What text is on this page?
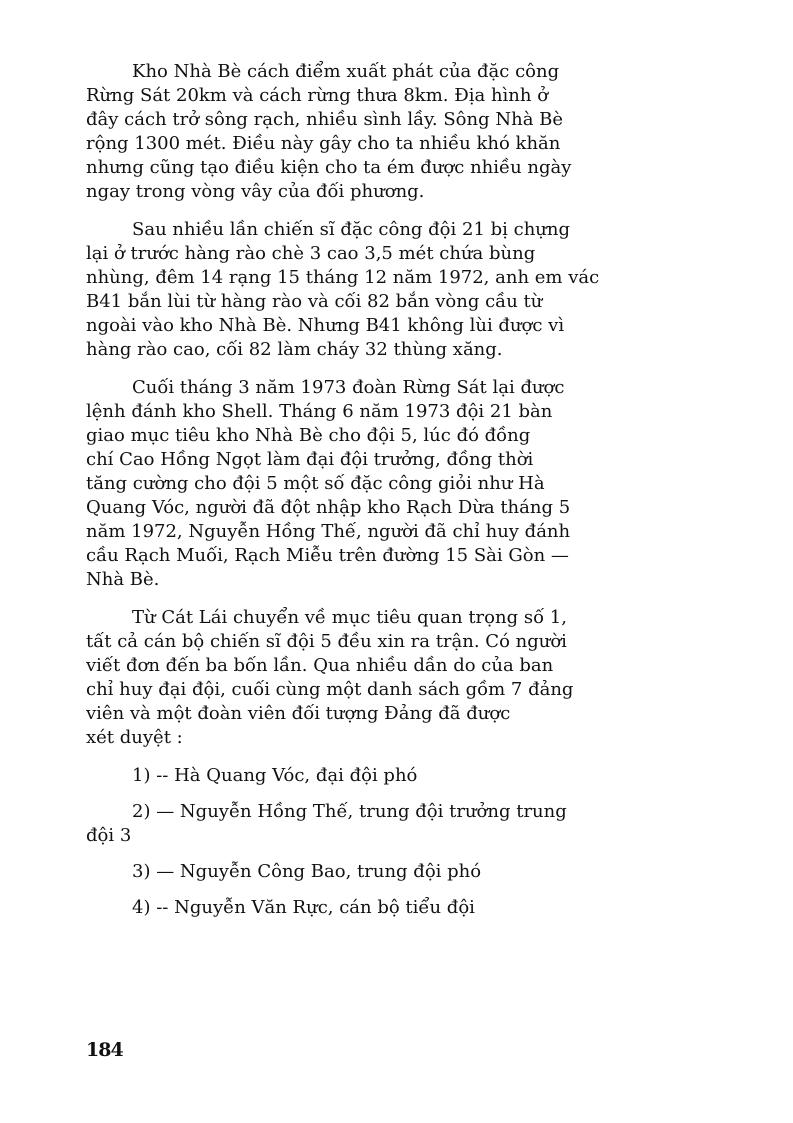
Kho Nhà Bè cách điểm xuất phát của đặc công
Rừng Sát 20km và cách rừng thưa 8km. Địa hình ở
đây cách trở sông rạch, nhiều sình lầy. Sông Nhà Bè
rộng 1300 mét. Điều này gây cho ta nhiều khó khăn
nhưng cũng tạo điều kiện cho ta ém được nhiều ngày
ngay trong vòng vây của đối phương.
Sau nhiều lần chiến sĩ đặc công đội 21 bị chựng
lại ở trước hàng rào chè 3 cao 3,5 mét chứa bùng
nhùng, đêm 14 rạng 15 tháng 12 năm 1972, anh em vác
B41 bắn lùi từ hàng rào và cối 82 bắn vòng cầu từ
ngoài vào kho Nhà Bè. Nhưng B41 không lùi được vì
hàng rào cao, cối 82 làm cháy 32 thùng xăng.
Cuối tháng 3 năm 1973 đoàn Rừng Sát lại được
lệnh đánh kho Shell. Tháng 6 năm 1973 đội 21 bàn
giao mục tiêu kho Nhà Bè cho đội 5, lúc đó đồng
chí Cao Hồng Ngọt làm đại đội trưởng, đồng thời
tăng cường cho đội 5 một số đặc công giỏi như Hà
Quang Vóc, người đã đột nhập kho Rạch Dừa tháng 5
năm 1972, Nguyễn Hồng Thế, người đã chỉ huy đánh
cầu Rạch Muối, Rạch Miễu trên đường 15 Sài Gòn —
Nhà Bè.
Từ Cát Lái chuyển về mục tiêu quan trọng số 1,
tất cả cán bộ chiến sĩ đội 5 đều xin ra trận. Có người
viết đơn đến ba bốn lần. Qua nhiều dần do của ban
chỉ huy đại đội, cuối cùng một danh sách gồm 7 đảng
viên và một đoàn viên đối tượng Đảng đã được
xét duyệt :
1) -- Hà Quang Vóc, đại đội phó
2) — Nguyễn Hồng Thế, trung đội trưởng trung
đội 3
3) — Nguyễn Công Bao, trung đội phó
4) -- Nguyễn Văn Rực, cán bộ tiểu đội
184
